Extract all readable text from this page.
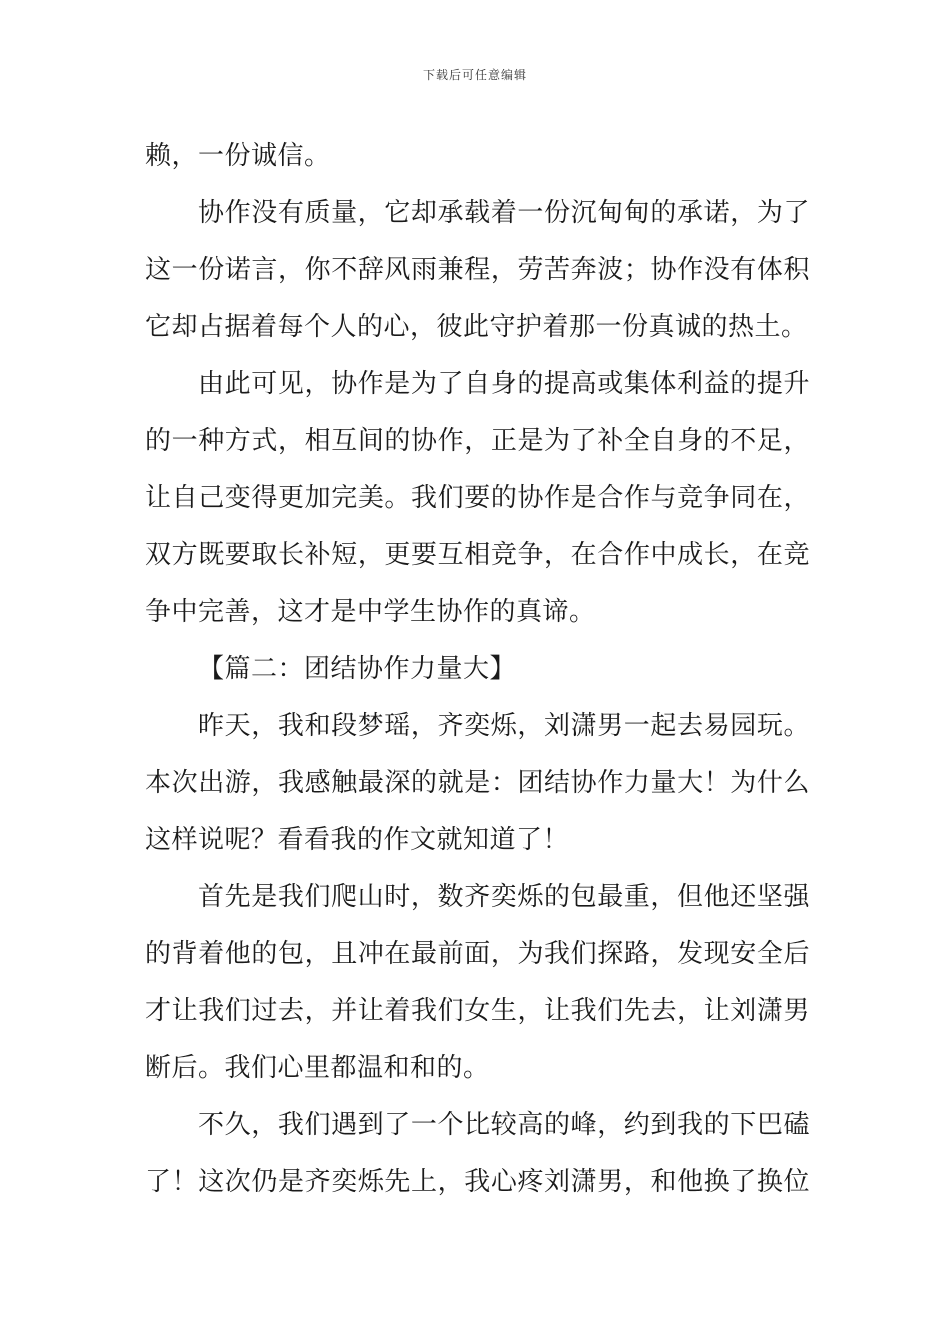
下载后可任意编辑
赖，一份诚信。
协作没有质量，它却承载着一份沉甸甸的承诺，为了
这一份诺言，你不辞风雨兼程，劳苦奔波；协作没有体积
它却占据着每个人的心，彼此守护着那一份真诚的热土。
由此可见，协作是为了自身的提高或集体利益的提升
的一种方式，相互间的协作，正是为了补全自身的不足，
让自己变得更加完美。我们要的协作是合作与竞争同在，
双方既要取长补短，更要互相竞争，在合作中成长，在竞
争中完善，这才是中学生协作的真谛。
【篇二：团结协作力量大】
昨天，我和段梦瑶，齐奕烁，刘潇男一起去易园玩。
本次出游，我感触最深的就是：团结协作力量大！为什么
这样说呢？看看我的作文就知道了！
首先是我们爬山时，数齐奕烁的包最重，但他还坚强
的背着他的包，且冲在最前面，为我们探路，发现安全后
才让我们过去，并让着我们女生，让我们先去，让刘潇男
断后。我们心里都温和和的。
不久，我们遇到了一个比较高的峰，约到我的下巴磕
了！这次仍是齐奕烁先上，我心疼刘潇男，和他换了换位
